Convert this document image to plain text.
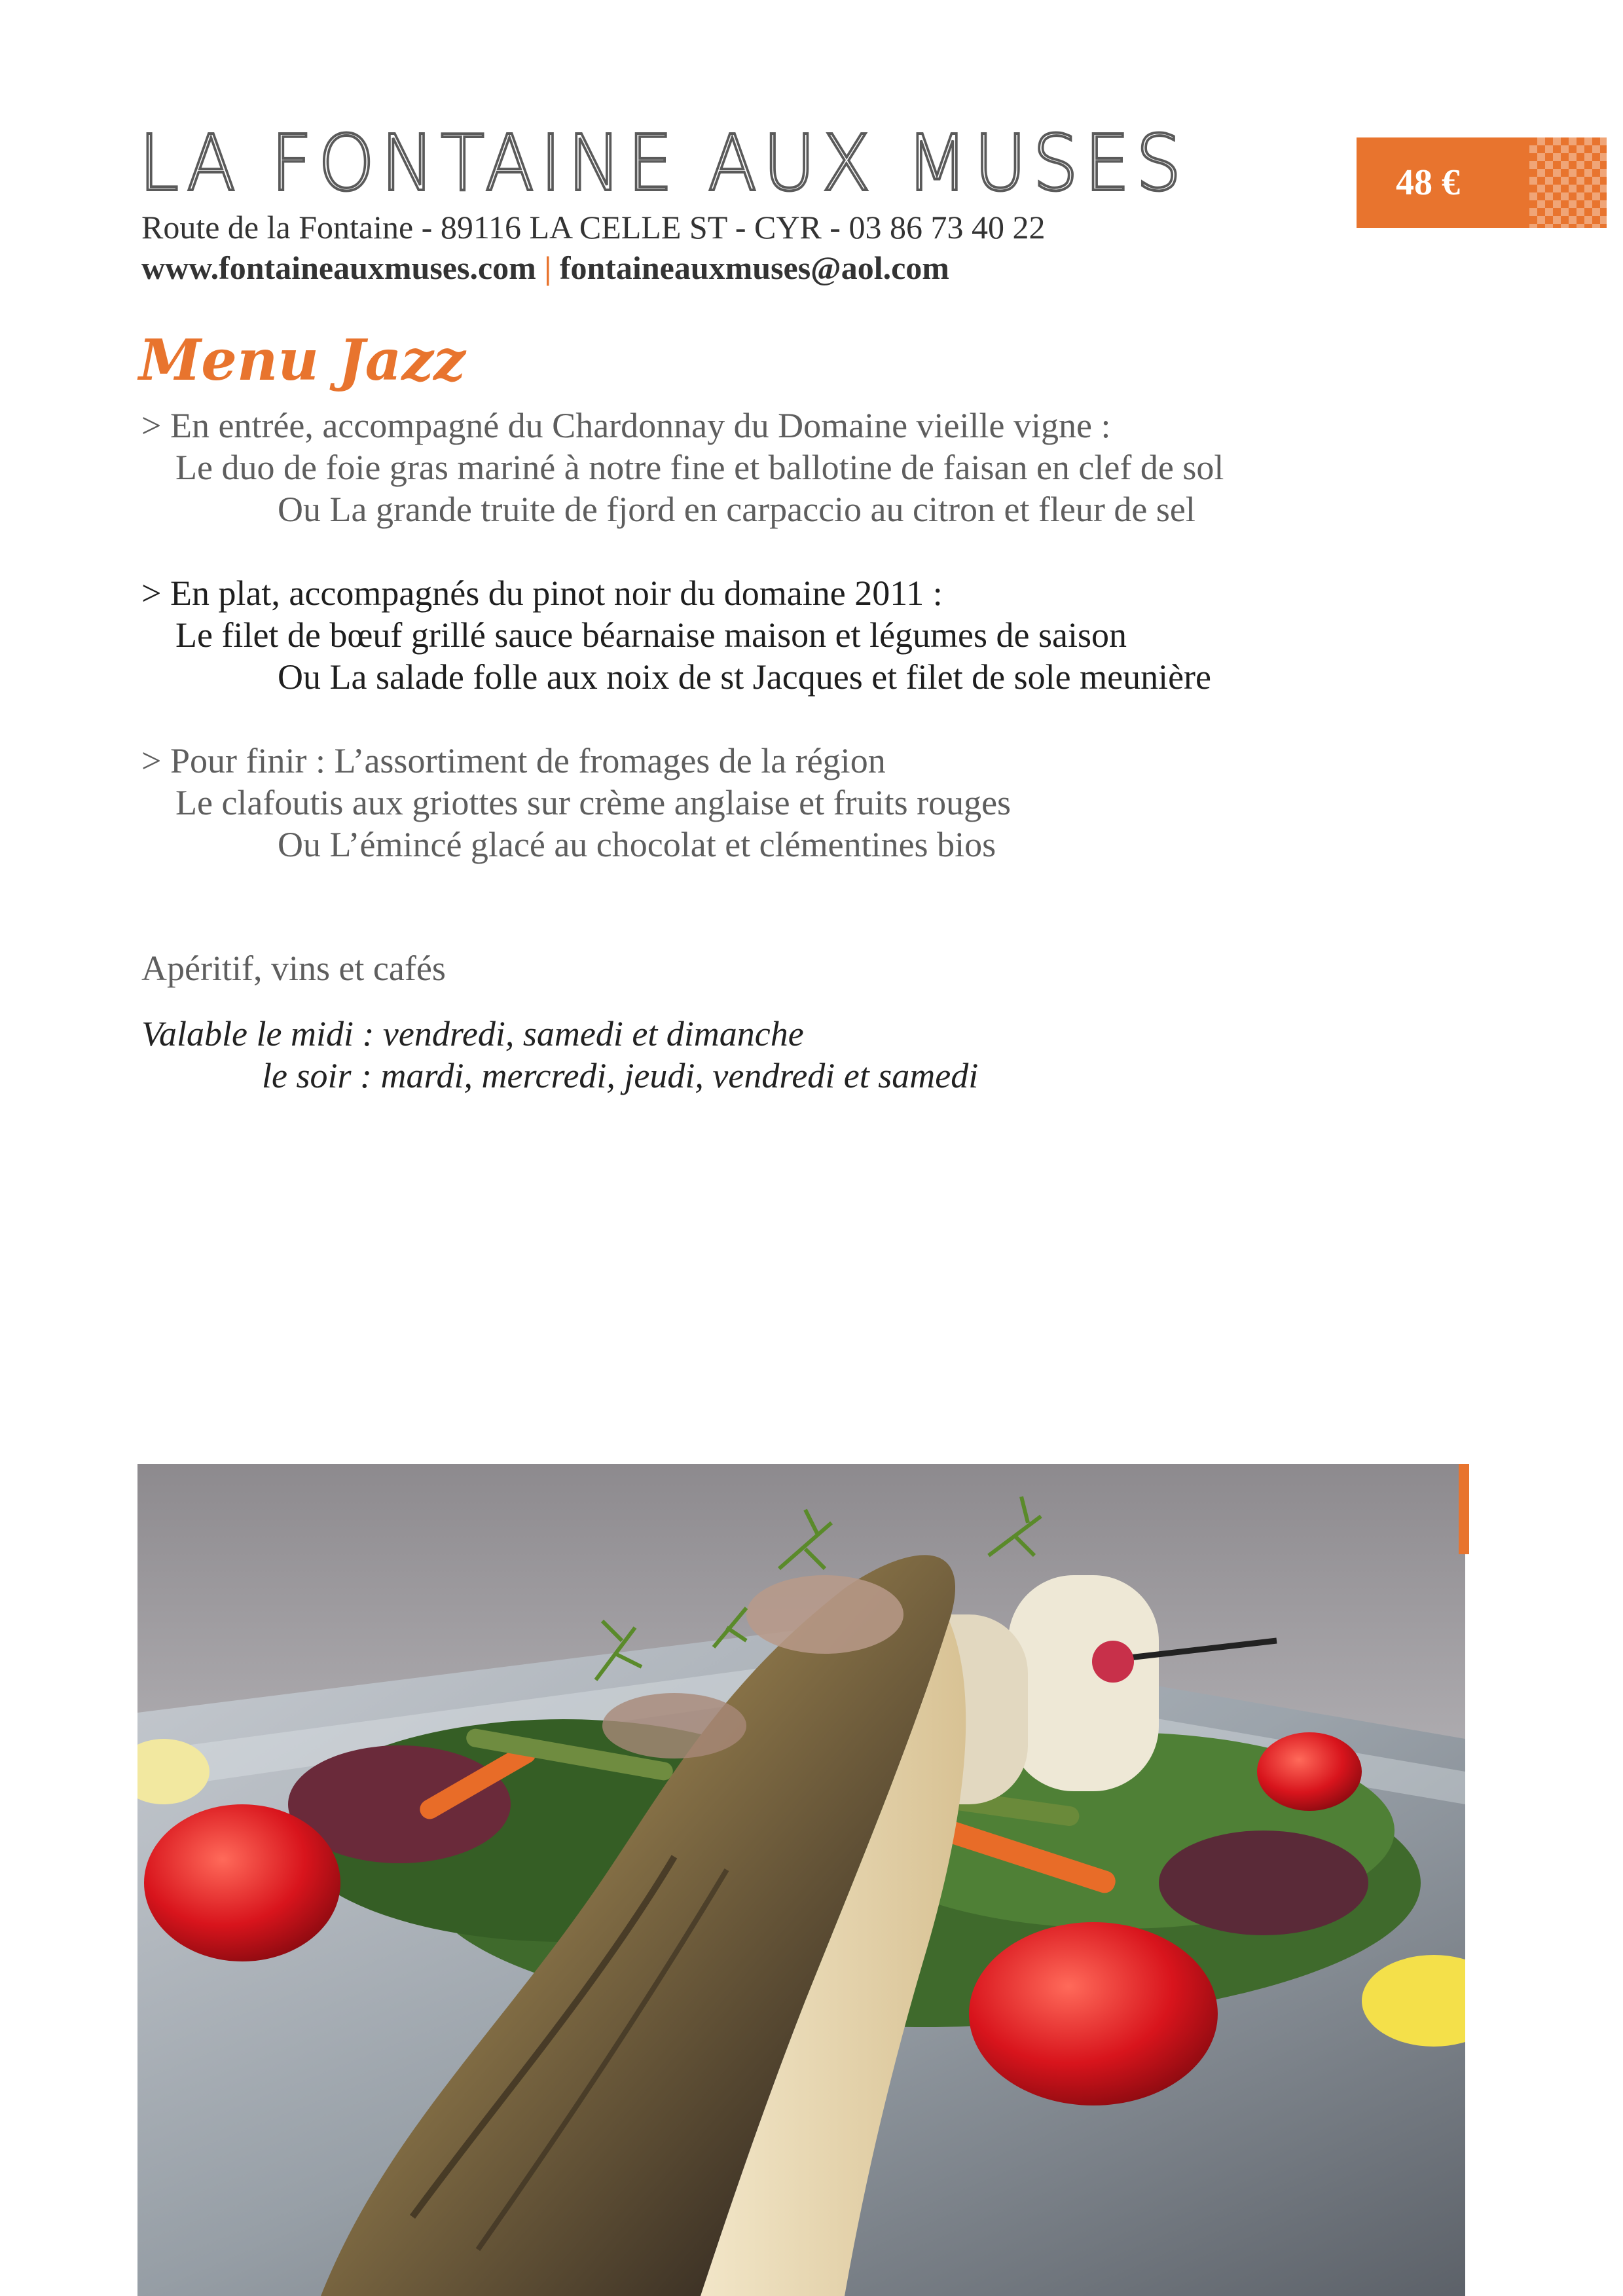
LA FONTAINE AUX MUSES
Route de la Fontaine - 89116 LA CELLE ST - CYR - 03 86 73 40 22
www.fontaineauxmuses.com | fontaineauxmuses@aol.com
48 €
Menu Jazz
> En entrée, accompagné du Chardonnay du Domaine vieille vigne :
Le duo de foie gras mariné à notre fine et ballotine de faisan en clef de sol
Ou La grande truite de fjord en carpaccio au citron et fleur de sel
> En plat, accompagnés du pinot noir du domaine 2011 :
Le filet de bœuf grillé sauce béarnaise maison et légumes de saison
Ou La salade folle aux noix de st Jacques et filet de sole meunière
> Pour finir : L’assortiment de fromages de la région
Le clafoutis aux griottes sur crème anglaise et fruits rouges
Ou L’émincé glacé au chocolat et clémentines bios
Apéritif, vins et cafés
Valable le midi : vendredi, samedi et dimanche
le soir : mardi, mercredi, jeudi, vendredi et samedi
